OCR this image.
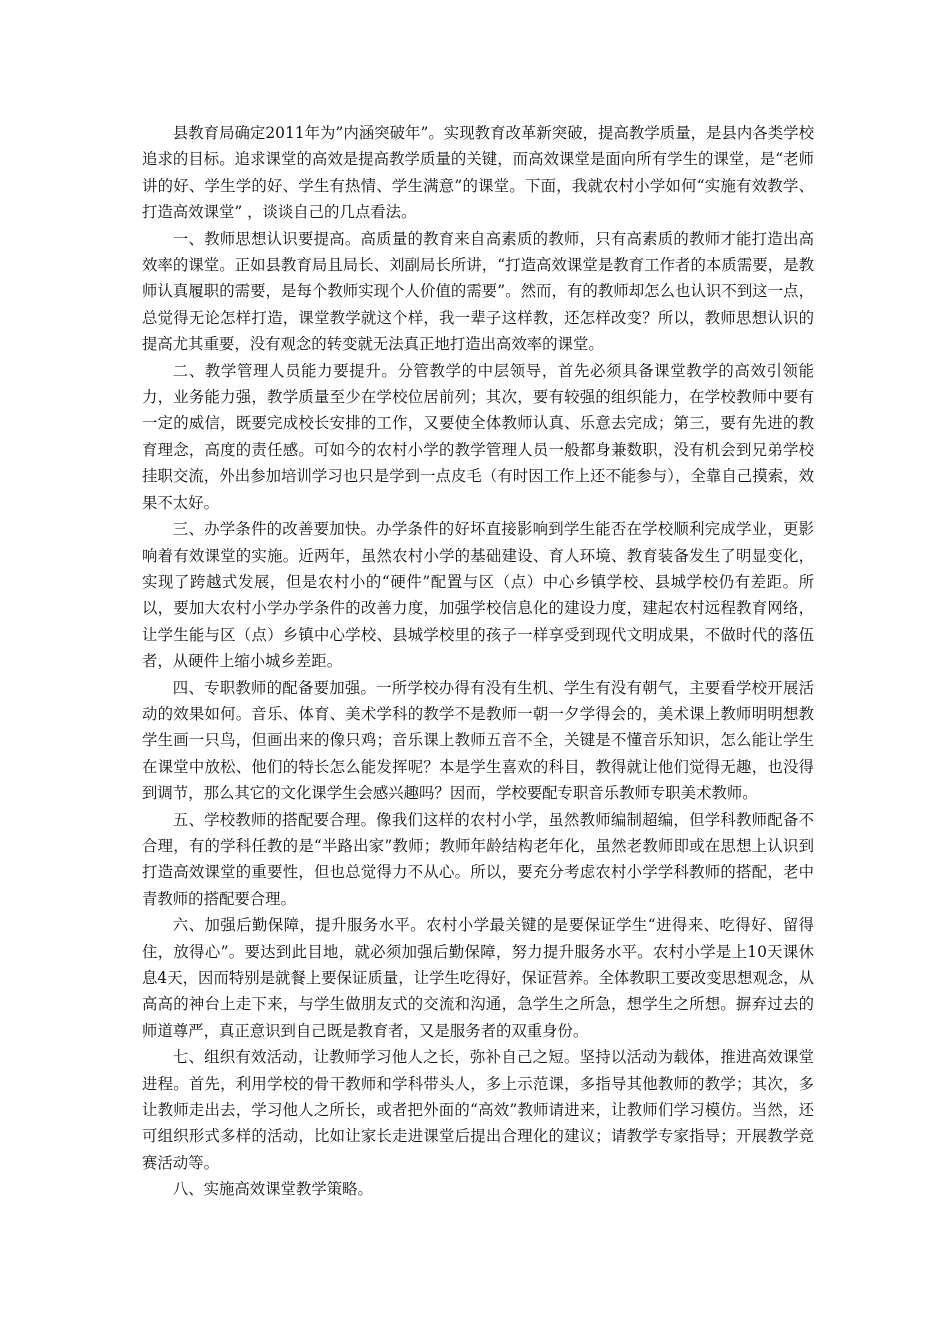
县教育局确定2011年为”内涵突破年”。实现教育改革新突破，提高教学质量，是县内各类学校追求的目标。追求课堂的高效是提高教学质量的关键，而高效课堂是面向所有学生的课堂，是“老师讲的好、学生学的好、学生有热情、学生满意”的课堂。下面，我就农村小学如何“实施有效教学、打造高效课堂” ，谈谈自己的几点看法。

一、教师思想认识要提高。高质量的教育来自高素质的教师，只有高素质的教师才能打造出高效率的课堂。正如县教育局且局长、刘副局长所讲，“打造高效课堂是教育工作者的本质需要，是教师认真履职的需要，是每个教师实现个人价值的需要”。然而，有的教师却怎么也认识不到这一点，总觉得无论怎样打造，课堂教学就这个样，我一辈子这样教，还怎样改变？所以，教师思想认识的提高尤其重要，没有观念的转变就无法真正地打造出高效率的课堂。

二、教学管理人员能力要提升。分管教学的中层领导，首先必须具备课堂教学的高效引领能力，业务能力强，教学质量至少在学校位居前列；其次，要有较强的组织能力，在学校教师中要有一定的威信，既要完成校长安排的工作，又要使全体教师认真、乐意去完成；第三，要有先进的教育理念，高度的责任感。可如今的农村小学的教学管理人员一般都身兼数职，没有机会到兄弟学校挂职交流，外出参加培训学习也只是学到一点皮毛（有时因工作上还不能参与），全靠自己摸索，效果不太好。

三、办学条件的改善要加快。办学条件的好坏直接影响到学生能否在学校顺利完成学业，更影响着有效课堂的实施。近两年，虽然农村小学的基础建设、育人环境、教育装备发生了明显变化，实现了跨越式发展，但是农村小的“硬件”配置与区（点）中心乡镇学校、县城学校仍有差距。所以，要加大农村小学办学条件的改善力度，加强学校信息化的建设力度，建起农村远程教育网络，让学生能与区（点）乡镇中心学校、县城学校里的孩子一样享受到现代文明成果，不做时代的落伍者，从硬件上缩小城乡差距。

四、专职教师的配备要加强。一所学校办得有没有生机、学生有没有朝气，主要看学校开展活动的效果如何。音乐、体育、美术学科的教学不是教师一朝一夕学得会的，美术课上教师明明想教学生画一只鸟，但画出来的像只鸡；音乐课上教师五音不全，关键是不懂音乐知识，怎么能让学生在课堂中放松、他们的特长怎么能发挥呢？本是学生喜欢的科目，教得就让他们觉得无趣，也没得到调节，那么其它的文化课学生会感兴趣吗？因而，学校要配专职音乐教师专职美术教师。

五、学校教师的搭配要合理。像我们这样的农村小学，虽然教师编制超编，但学科教师配备不合理，有的学科任教的是“半路出家”教师；教师年龄结构老年化，虽然老教师即或在思想上认识到打造高效课堂的重要性，但也总觉得力不从心。所以，要充分考虑农村小学学科教师的搭配，老中青教师的搭配要合理。

六、加强后勤保障，提升服务水平。农村小学最关键的是要保证学生“进得来、吃得好、留得住，放得心”。要达到此目地，就必须加强后勤保障，努力提升服务水平。农村小学是上10天课休息4天，因而特别是就餐上要保证质量，让学生吃得好，保证营养。全体教职工要改变思想观念，从高高的神台上走下来，与学生做朋友式的交流和沟通，急学生之所急，想学生之所想。摒弃过去的师道尊严，真正意识到自己既是教育者，又是服务者的双重身份。

七、组织有效活动，让教师学习他人之长，弥补自己之短。坚持以活动为载体，推进高效课堂进程。首先，利用学校的骨干教师和学科带头人，多上示范课，多指导其他教师的教学；其次，多让教师走出去，学习他人之所长，或者把外面的“高效”教师请进来，让教师们学习模仿。当然，还可组织形式多样的活动，比如让家长走进课堂后提出合理化的建议；请教学专家指导；开展教学竞赛活动等。

八、实施高效课堂教学策略。
